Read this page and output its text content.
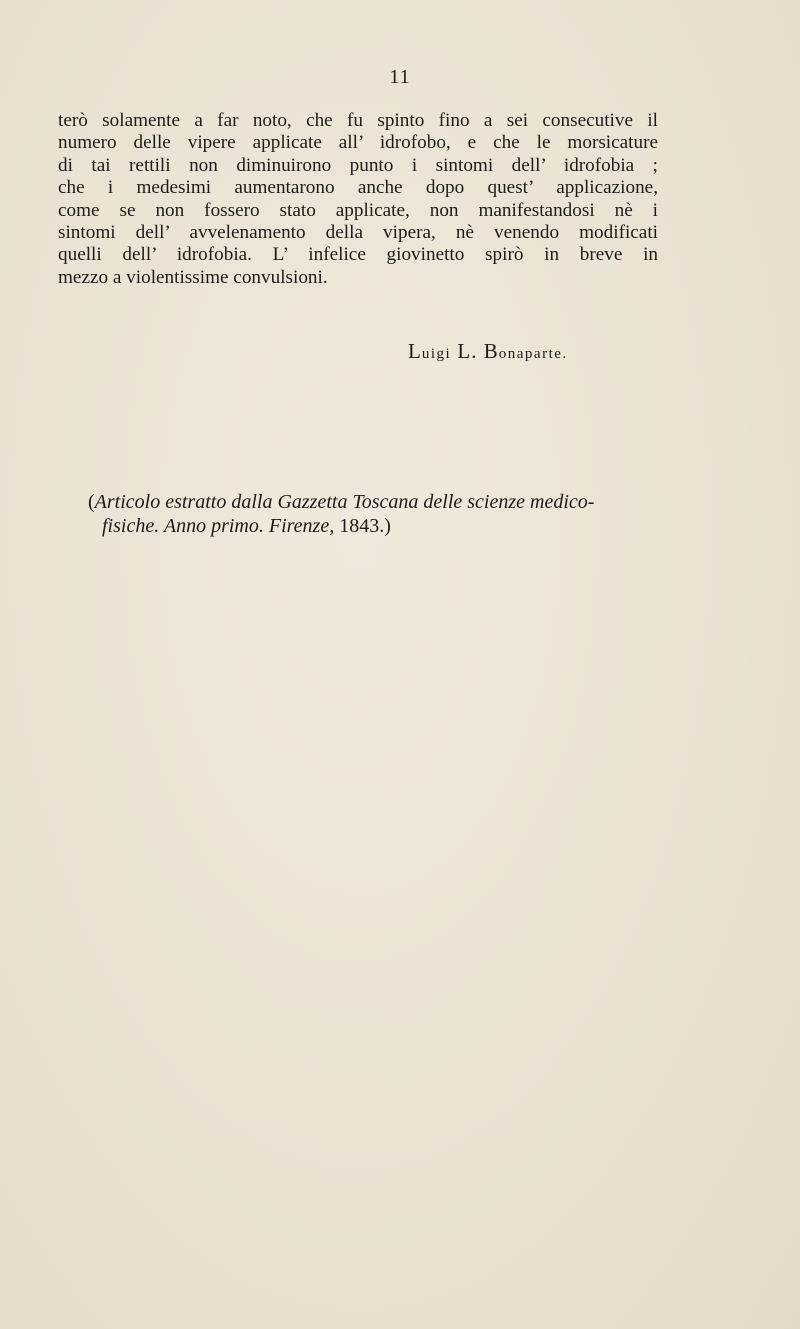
11
terò solamente a far noto, che fu spinto fino a sei consecutive il
numero delle vipere applicate all’ idrofobo, e che le morsicature
di tai rettili non diminuirono punto i sintomi dell’ idrofobia ;
che i medesimi aumentarono anche dopo quest’ applicazione,
come se non fossero stato applicate, non manifestandosi nè i
sintomi dell’ avvelenamento della vipera, nè venendo modificati
quelli dell’ idrofobia. L’ infelice giovinetto spirò in breve in
mezzo a violentissime convulsioni.
Luigi L. Bonaparte.
(Articolo estratto dalla Gazzetta Toscana delle scienze medico-
fisiche. Anno primo. Firenze, 1843.)
